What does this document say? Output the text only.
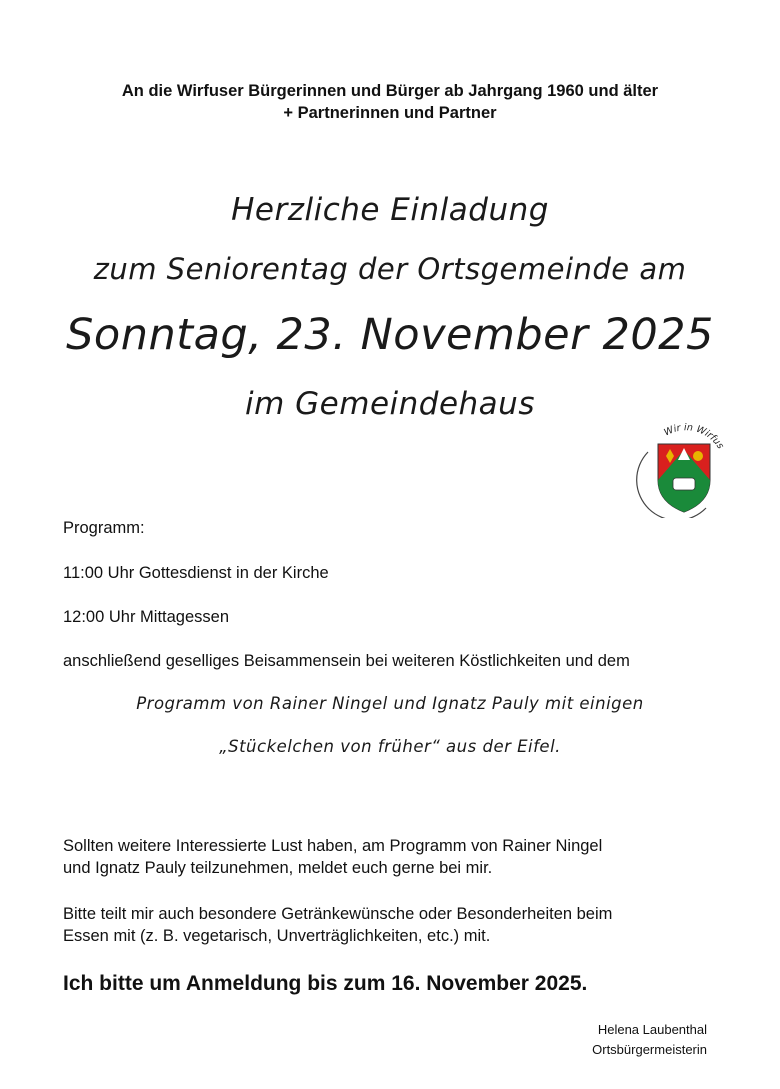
An die Wirfuser Bürgerinnen und Bürger ab Jahrgang 1960 und älter
+ Partnerinnen und Partner
Herzliche Einladung
zum Seniorentag der Ortsgemeinde am
Sonntag, 23. November 2025
im Gemeindehaus
Wir in Wirfus
Programm:
11:00 Uhr Gottesdienst in der Kirche
12:00 Uhr Mittagessen
anschließend geselliges Beisammensein bei weiteren Köstlichkeiten und dem
Programm von Rainer Ningel und Ignatz Pauly mit einigen
„Stückelchen von früher“ aus der Eifel.
Sollten weitere Interessierte Lust haben, am Programm von Rainer Ningel
und Ignatz Pauly teilzunehmen, meldet euch gerne bei mir.
Bitte teilt mir auch besondere Getränkewünsche oder Besonderheiten beim
Essen mit (z. B. vegetarisch, Unverträglichkeiten, etc.) mit.
Ich bitte um Anmeldung bis zum 16. November 2025.
Helena Laubenthal
Ortsbürgermeisterin
